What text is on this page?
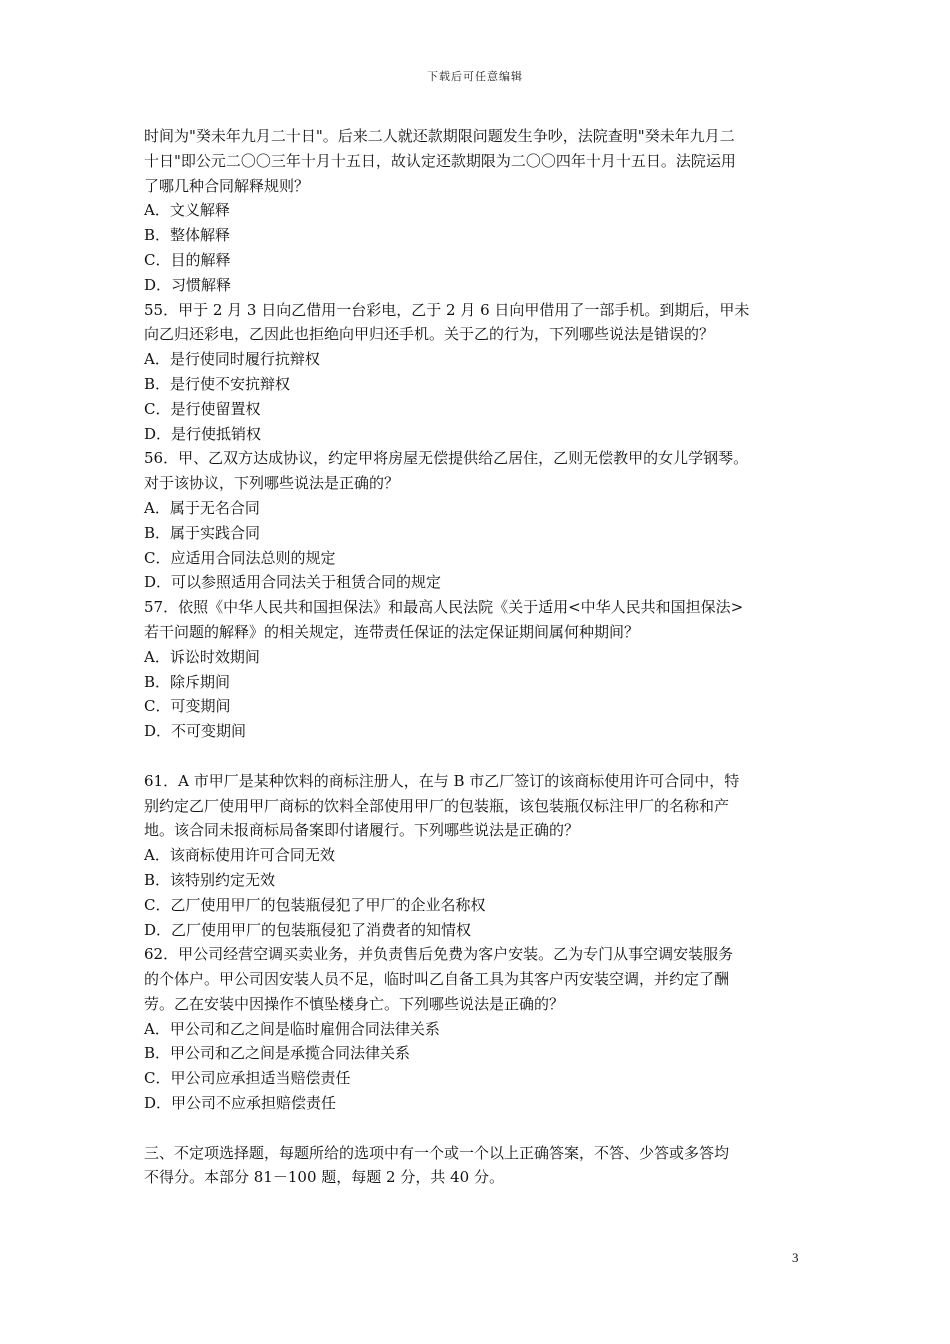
下载后可任意编辑

时间为"癸未年九月二十日"。后来二人就还款期限问题发生争吵，法院查明"癸未年九月二

十日"即公元二〇〇三年十月十五日，故认定还款期限为二〇〇四年十月十五日。法院运用

了哪几种合同解释规则？

A．文义解释

B．整体解释

C．目的解释

D．习惯解释

55．甲于 2 月 3 日向乙借用一台彩电，乙于 2 月 6 日向甲借用了一部手机。到期后，甲未

向乙归还彩电，乙因此也拒绝向甲归还手机。关于乙的行为，下列哪些说法是错误的？

A．是行使同时履行抗辩权

B．是行使不安抗辩权

C．是行使留置权

D．是行使抵销权

56．甲、乙双方达成协议，约定甲将房屋无偿提供给乙居住，乙则无偿教甲的女儿学钢琴。

对于该协议，下列哪些说法是正确的？

A．属于无名合同

B．属于实践合同

C．应适用合同法总则的规定

D．可以参照适用合同法关于租赁合同的规定

57．依照《中华人民共和国担保法》和最高人民法院《关于适用<中华人民共和国担保法>

若干问题的解释》的相关规定，连带责任保证的法定保证期间属何种期间？

A．诉讼时效期间

B．除斥期间

C．可变期间

D．不可变期间

61．A 市甲厂是某种饮料的商标注册人，在与 B 市乙厂签订的该商标使用许可合同中，特

别约定乙厂使用甲厂商标的饮料全部使用甲厂的包装瓶，该包装瓶仅标注甲厂的名称和产

地。该合同未报商标局备案即付诸履行。下列哪些说法是正确的？

A．该商标使用许可合同无效

B．该特别约定无效

C．乙厂使用甲厂的包装瓶侵犯了甲厂的企业名称权

D．乙厂使用甲厂的包装瓶侵犯了消费者的知情权

62．甲公司经营空调买卖业务，并负责售后免费为客户安装。乙为专门从事空调安装服务

的个体户。甲公司因安装人员不足，临时叫乙自备工具为其客户丙安装空调，并约定了酬

劳。乙在安装中因操作不慎坠楼身亡。下列哪些说法是正确的？

A．甲公司和乙之间是临时雇佣合同法律关系

B．甲公司和乙之间是承揽合同法律关系

C．甲公司应承担适当赔偿责任

D．甲公司不应承担赔偿责任

三、不定项选择题，每题所给的选项中有一个或一个以上正确答案，不答、少答或多答均

不得分。本部分 81－100 题，每题 2 分，共 40 分。

3
